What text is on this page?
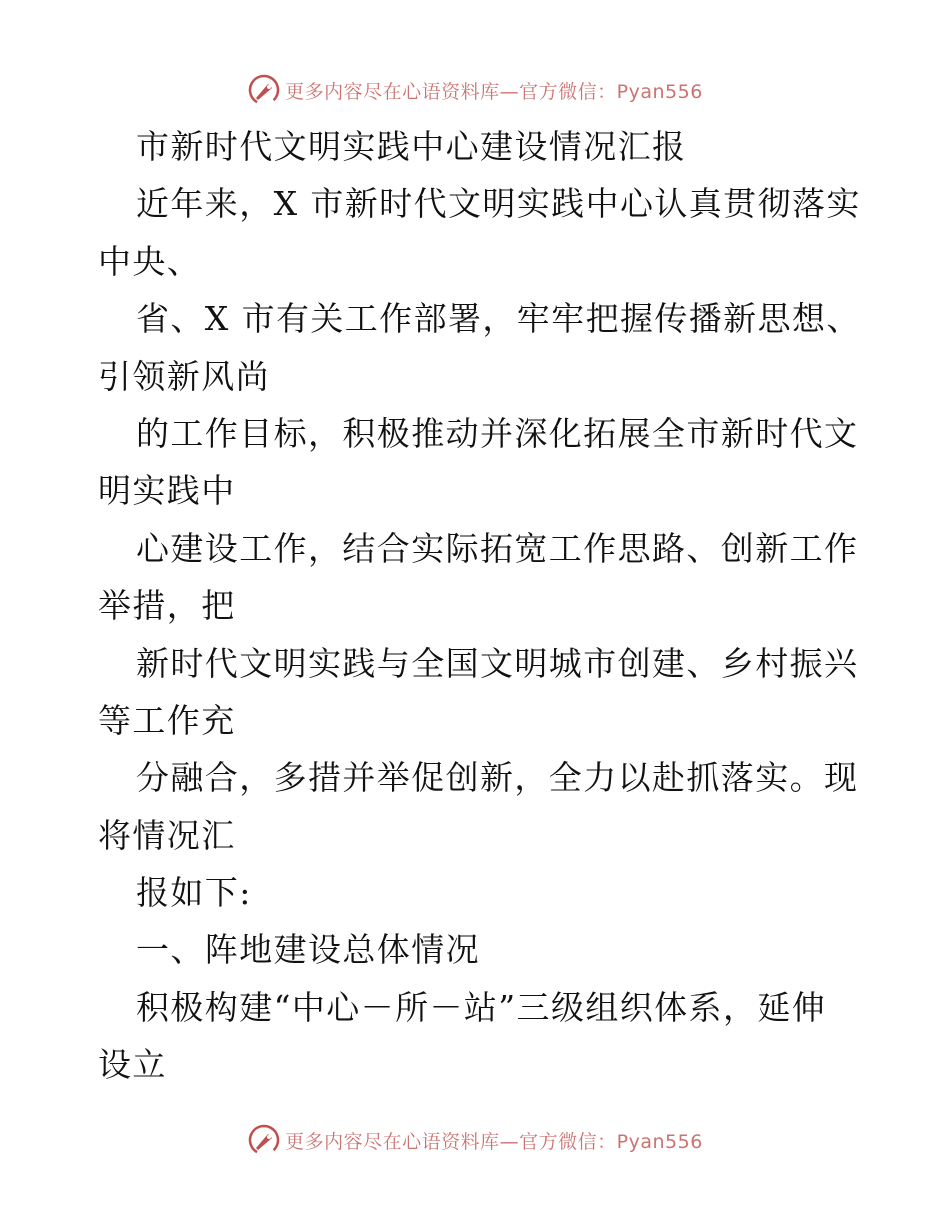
更多内容尽在心语资料库—官方微信：Pyan556
市新时代文明实践中心建设情况汇报
近年来，X 市新时代文明实践中心认真贯彻落实
中央、
省、X 市有关工作部署，牢牢把握传播新思想、
引领新风尚
的工作目标，积极推动并深化拓展全市新时代文
明实践中
心建设工作，结合实际拓宽工作思路、创新工作
举措，把
新时代文明实践与全国文明城市创建、乡村振兴
等工作充
分融合，多措并举促创新，全力以赴抓落实。现
将情况汇
报如下:
一、阵地建设总体情况
积极构建“中心－所－站”三级组织体系，延伸
设立
更多内容尽在心语资料库—官方微信：Pyan556
